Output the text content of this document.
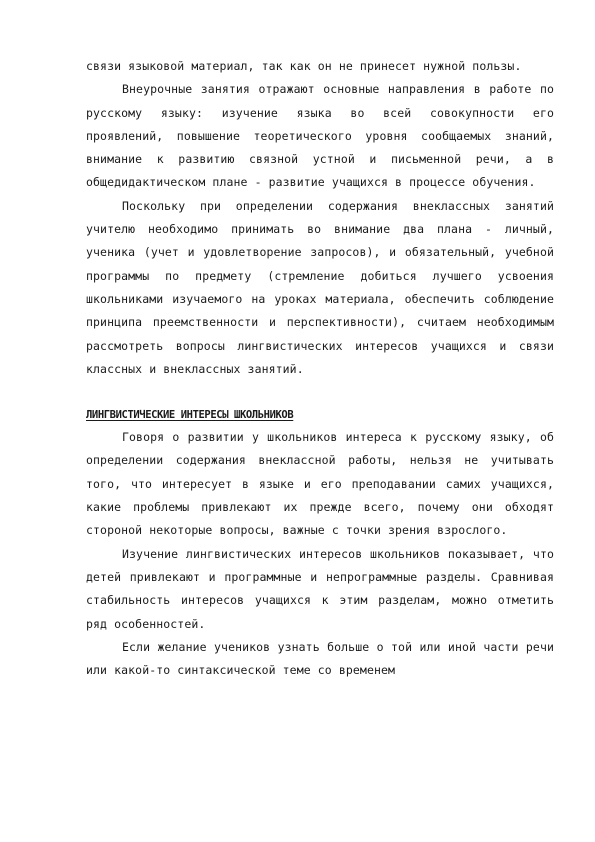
связи языковой материал, так как он не принесет нужной пользы.

Внеурочные занятия отражают основные направления в работе по русскому языку: изучение языка во всей совокупности его проявлений, повышение теоретического уровня сообщаемых знаний, внимание к развитию связной устной и письменной речи, а в общедидактическом плане - развитие учащихся в процессе обучения.

Поскольку при определении содержания внеклассных занятий учителю необходимо принимать во внимание два плана - личный, ученика (учет и удовлетворение запросов), и обязательный, учебной программы по предмету (стремление добиться лучшего усвоения школьниками изучаемого на уроках материала, обеспечить соблюдение принципа преемственности и перспективности), считаем необходимым рассмотреть вопросы лингвистических интересов учащихся и связи классных и внеклассных занятий.

ЛИНГВИСТИЧЕСКИЕ ИНТЕРЕСЫ ШКОЛЬНИКОВ

Говоря о развитии у школьников интереса к русскому языку, об определении содержания внеклассной работы, нельзя не учитывать того, что интересует в языке и его преподавании самих учащихся, какие проблемы привлекают их прежде всего, почему они обходят стороной некоторые вопросы, важные с точки зрения взрослого.

Изучение лингвистических интересов школьников показывает, что детей привлекают и программные и непрограммные разделы. Сравнивая стабильность интересов учащихся к этим разделам, можно отметить ряд особенностей.

Если желание учеников узнать больше о той или иной части речи или какой-то синтаксической теме со временем
